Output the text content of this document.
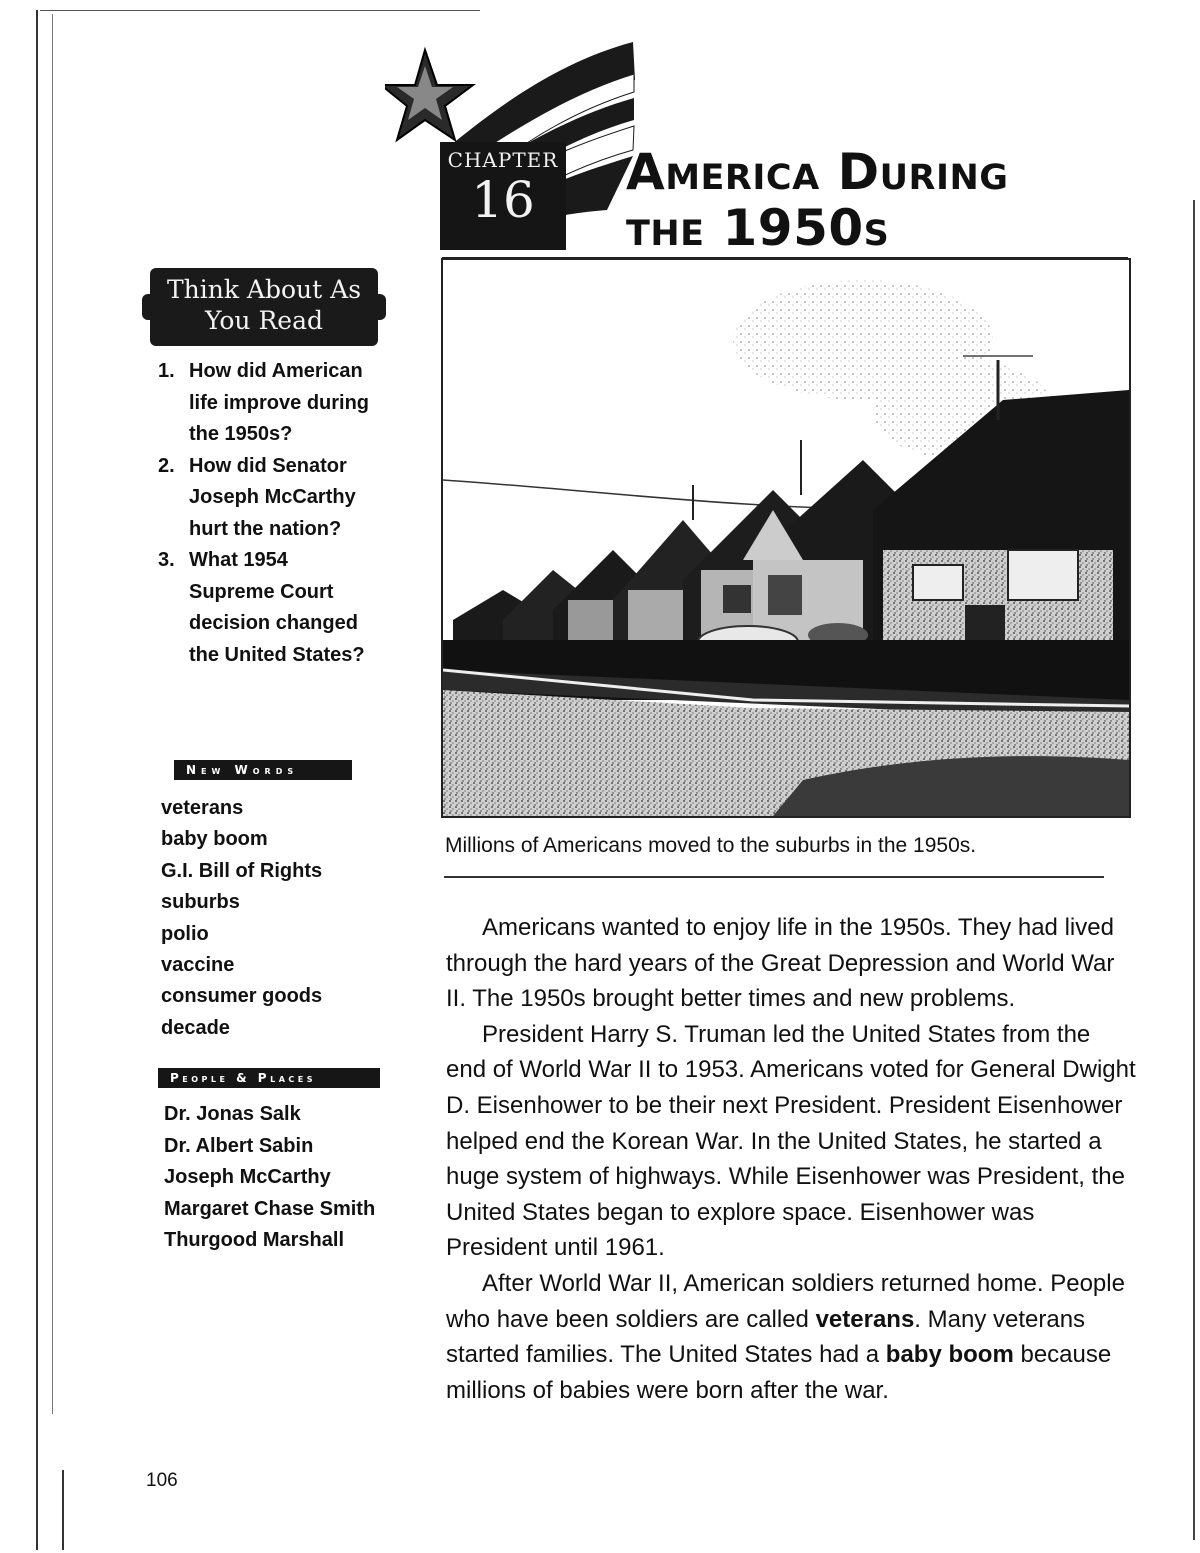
CHAPTER
16	America During
the 1950s
Millions of Americans moved to the suburbs in the 1950s.
Think About As
You Read
1. How did American life improve during the 1950s?
2. How did Senator Joseph McCarthy hurt the nation?
3. What 1954 Supreme Court decision changed the United States?
New Words
veterans
baby boom
G.I. Bill of Rights
suburbs
polio
vaccine
consumer goods
decade
People & Places
Dr. Jonas Salk
Dr. Albert Sabin
Joseph McCarthy
Margaret Chase Smith
Thurgood Marshall

Americans wanted to enjoy life in the 1950s. They had lived through the hard years of the Great Depression and World War II. The 1950s brought better times and new problems.

President Harry S. Truman led the United States from the end of World War II to 1953. Americans voted for General Dwight D. Eisenhower to be their next President. President Eisenhower helped end the Korean War. In the United States, he started a huge system of highways. While Eisenhower was President, the United States began to explore space. Eisenhower was President until 1961.

After World War II, American soldiers returned home. People who have been soldiers are called veterans. Many veterans started families. The United States had a baby boom because millions of babies were born after the war.

106
